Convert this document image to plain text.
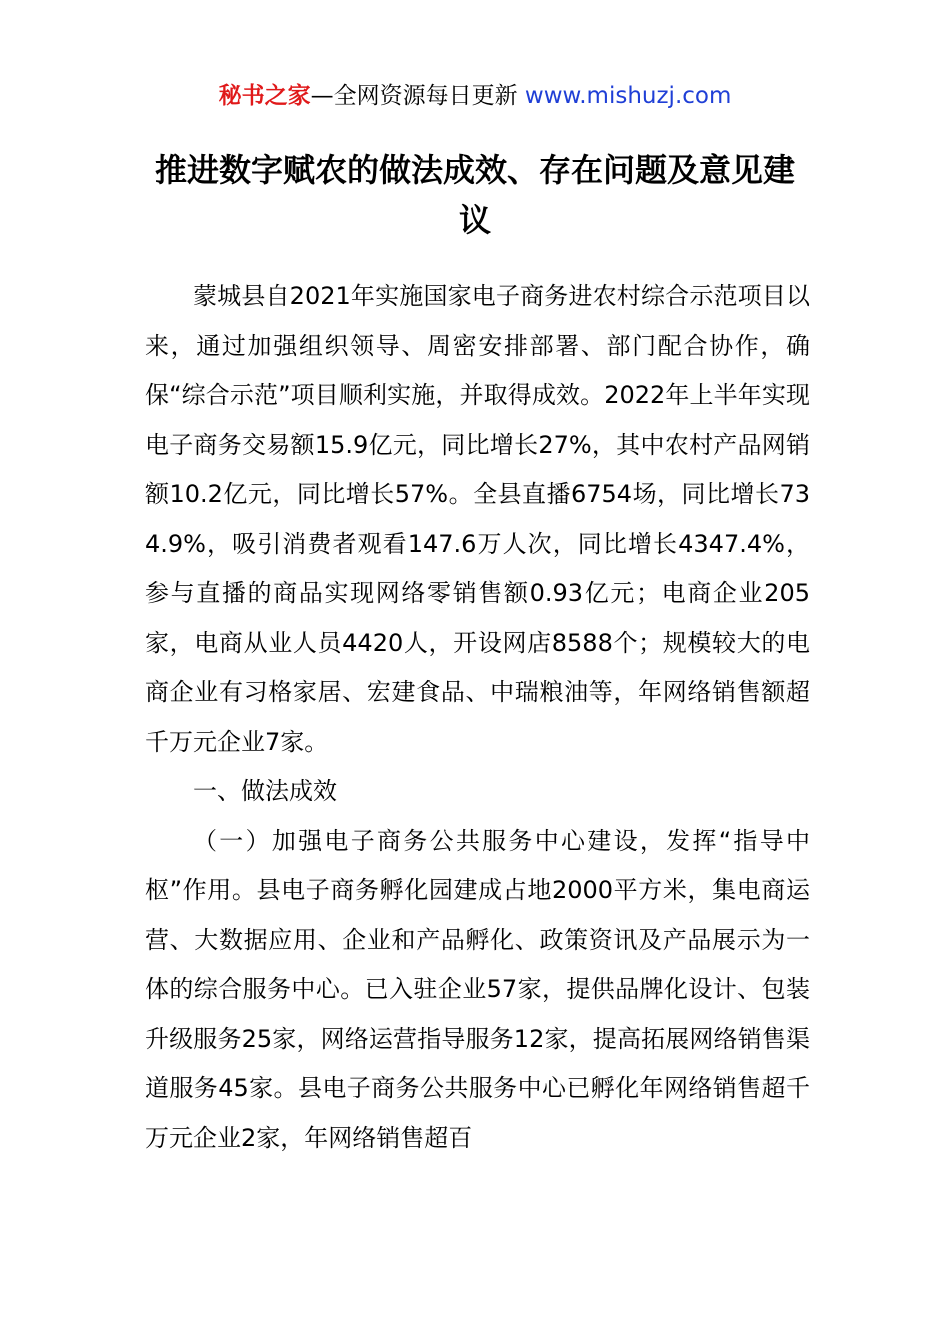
秘书之家—全网资源每日更新 www.mishuzj.com
推进数字赋农的做法成效、存在问题及意见建议

蒙城县自2021年实施国家电子商务进农村综合示范项目以来，通过加强组织领导、周密安排部署、部门配合协作，确保“综合示范”项目顺利实施，并取得成效。2022年上半年实现电子商务交易额15.9亿元，同比增长27%，其中农村产品网销额10.2亿元，同比增长57%。全县直播6754场，同比增长734.9%，吸引消费者观看147.6万人次，同比增长4347.4%，参与直播的商品实现网络零销售额0.93亿元；电商企业205家，电商从业人员4420人，开设网店8588个；规模较大的电商企业有习格家居、宏建食品、中瑞粮油等，年网络销售额超千万元企业7家。

一、做法成效

（一）加强电子商务公共服务中心建设，发挥“指导中枢”作用。县电子商务孵化园建成占地2000平方米，集电商运营、大数据应用、企业和产品孵化、政策资讯及产品展示为一体的综合服务中心。已入驻企业57家，提供品牌化设计、包装升级服务25家，网络运营指导服务12家，提高拓展网络销售渠道服务45家。县电子商务公共服务中心已孵化年网络销售超千万元企业2家，年网络销售超百
